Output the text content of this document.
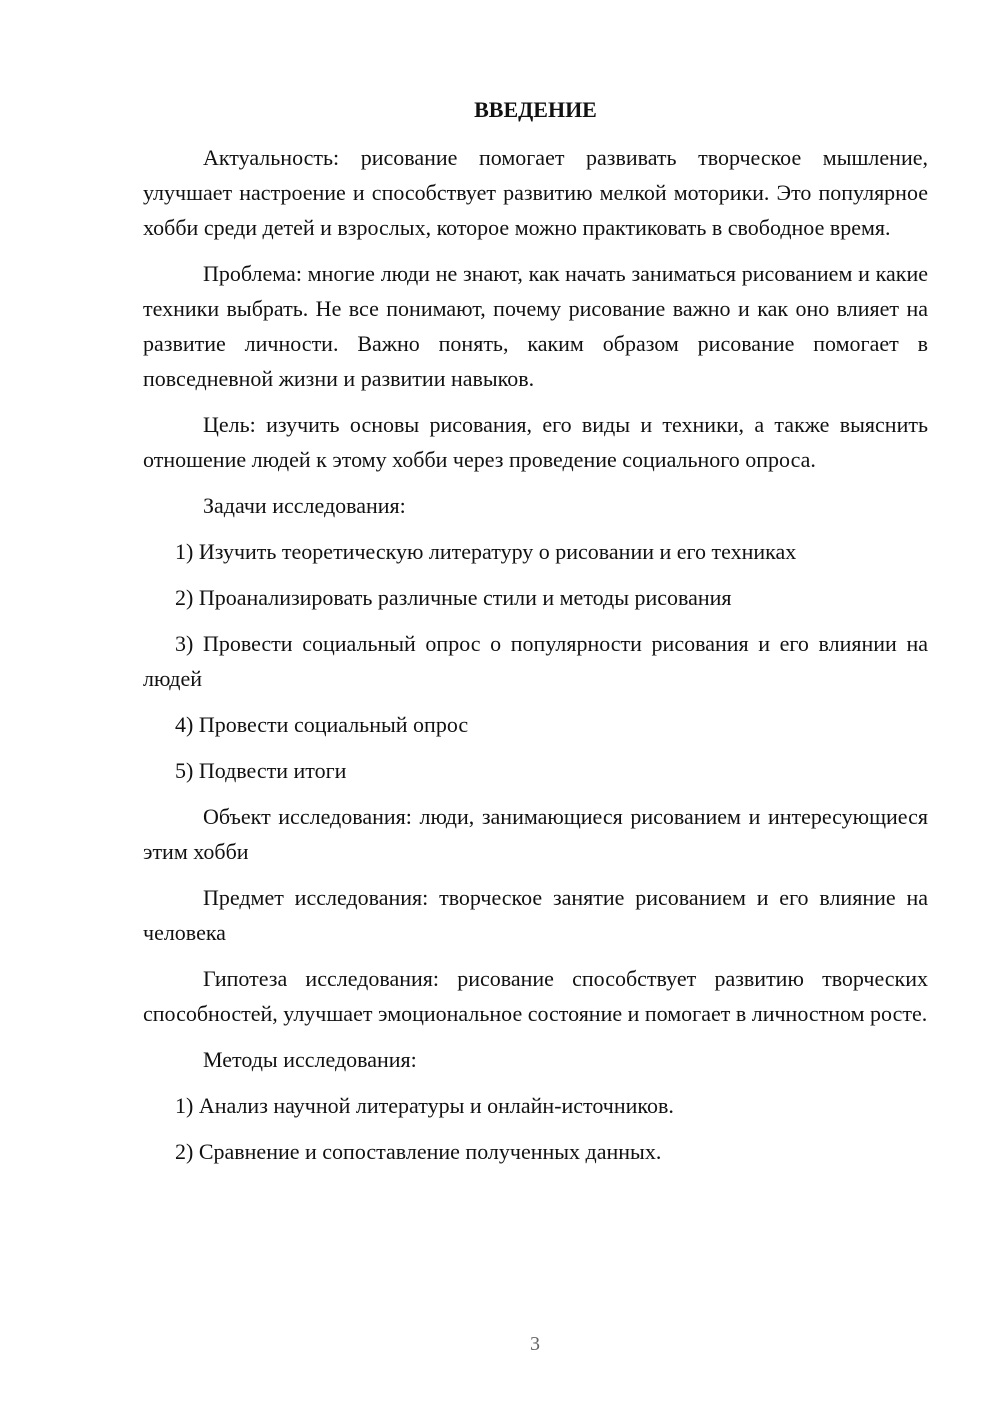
ВВЕДЕНИЕ

Актуальность: рисование помогает развивать творческое мышление, улучшает настроение и способствует развитию мелкой моторики. Это популярное хобби среди детей и взрослых, которое можно практиковать в свободное время.

Проблема: многие люди не знают, как начать заниматься рисованием и какие техники выбрать. Не все понимают, почему рисование важно и как оно влияет на развитие личности. Важно понять, каким образом рисование помогает в повседневной жизни и развитии навыков.

Цель: изучить основы рисования, его виды и техники, а также выяснить отношение людей к этому хобби через проведение социального опроса.

Задачи исследования:

1) Изучить теоретическую литературу о рисовании и его техниках

2) Проанализировать различные стили и методы рисования

3) Провести социальный опрос о популярности рисования и его влиянии на людей

4) Провести социальный опрос

5) Подвести итоги

Объект исследования: люди, занимающиеся рисованием и интересующиеся этим хобби

Предмет исследования: творческое занятие рисованием и его влияние на человека

Гипотеза исследования: рисование способствует развитию творческих способностей, улучшает эмоциональное состояние и помогает в личностном росте.

Методы исследования:

1) Анализ научной литературы и онлайн-источников.

2) Сравнение и сопоставление полученных данных.

3
